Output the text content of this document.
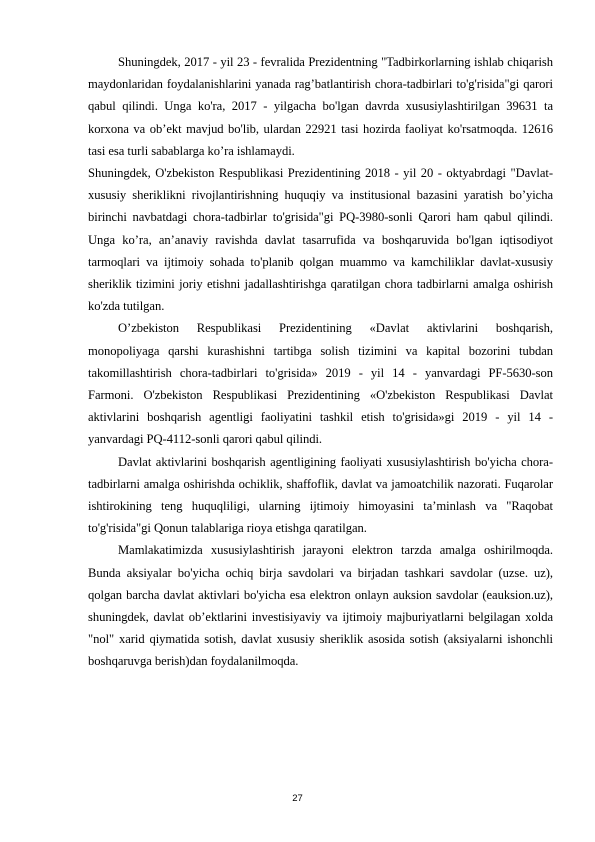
Shuningdek, 2017 - yil 23 - fevralida Prezidentning "Tadbirkorlarning ishlab chiqarish maydonlaridan foydalanishlarini yanada rag’batlantirish chora-tadbirlari to'g'risida"gi qarori qabul qilindi. Unga ko'ra, 2017 - yilgacha bo'lgan davrda xususiylashtirilgan 39631 ta korxona va ob’ekt mavjud bo'lib, ulardan 22921 tasi hozirda faoliyat ko'rsatmoqda. 12616 tasi esa turli sabablarga ko’ra ishlamaydi.

Shuningdek, O'zbekiston Respublikasi Prezidentining 2018 - yil 20 - oktyabrdagi "Davlat-xususiy sheriklikni rivojlantirishning huquqiy va institusional bazasini yaratish bo’yicha birinchi navbatdagi chora-tadbirlar to'grisida"gi PQ-3980-sonli Qarori ham qabul qilindi. Unga ko’ra, an’anaviy ravishda davlat tasarrufida va boshqaruvida bo'lgan iqtisodiyot tarmoqlari va ijtimoiy sohada to'planib qolgan muammo va kamchiliklar davlat-xususiy sheriklik tizimini joriy etishni jadallashtirishga qaratilgan chora tadbirlarni amalga oshirish ko'zda tutilgan.

O’zbekiston Respublikasi Prezidentining «Davlat aktivlarini boshqarish, monopoliyaga qarshi kurashishni tartibga solish tizimini va kapital bozorini tubdan takomillashtirish chora-tadbirlari to'grisida» 2019 - yil 14 - yanvardagi PF-5630-son Farmoni. O'zbekiston Respublikasi Prezidentining «O'zbekiston Respublikasi Davlat aktivlarini boshqarish agentligi faoliyatini tashkil etish to'grisida»gi 2019 - yil 14 - yanvardagi PQ-4112-sonli qarori qabul qilindi.

Davlat aktivlarini boshqarish agentligining faoliyati xususiylashtirish bo'yicha chora-tadbirlarni amalga oshirishda ochiklik, shaffoflik, davlat va jamoatchilik nazorati. Fuqarolar ishtirokining teng huquqliligi, ularning ijtimoiy himoyasini ta’minlash va "Raqobat to'g'risida"gi Qonun talablariga rioya etishga qaratilgan.

Mamlakatimizda xususiylashtirish jarayoni elektron tarzda amalga oshirilmoqda. Bunda aksiyalar bo'yicha ochiq birja savdolari va birjadan tashkari savdolar (uzse. uz), qolgan barcha davlat aktivlari bo'yicha esa elektron onlayn auksion savdolar (eauksion.uz), shuningdek, davlat ob’ektlarini investisiyaviy va ijtimoiy majburiyatlarni belgilagan xolda "nol" xarid qiymatida sotish, davlat xususiy sheriklik asosida sotish (aksiyalarni ishonchli boshqaruvga berish)dan foydalanilmoqda.

27
